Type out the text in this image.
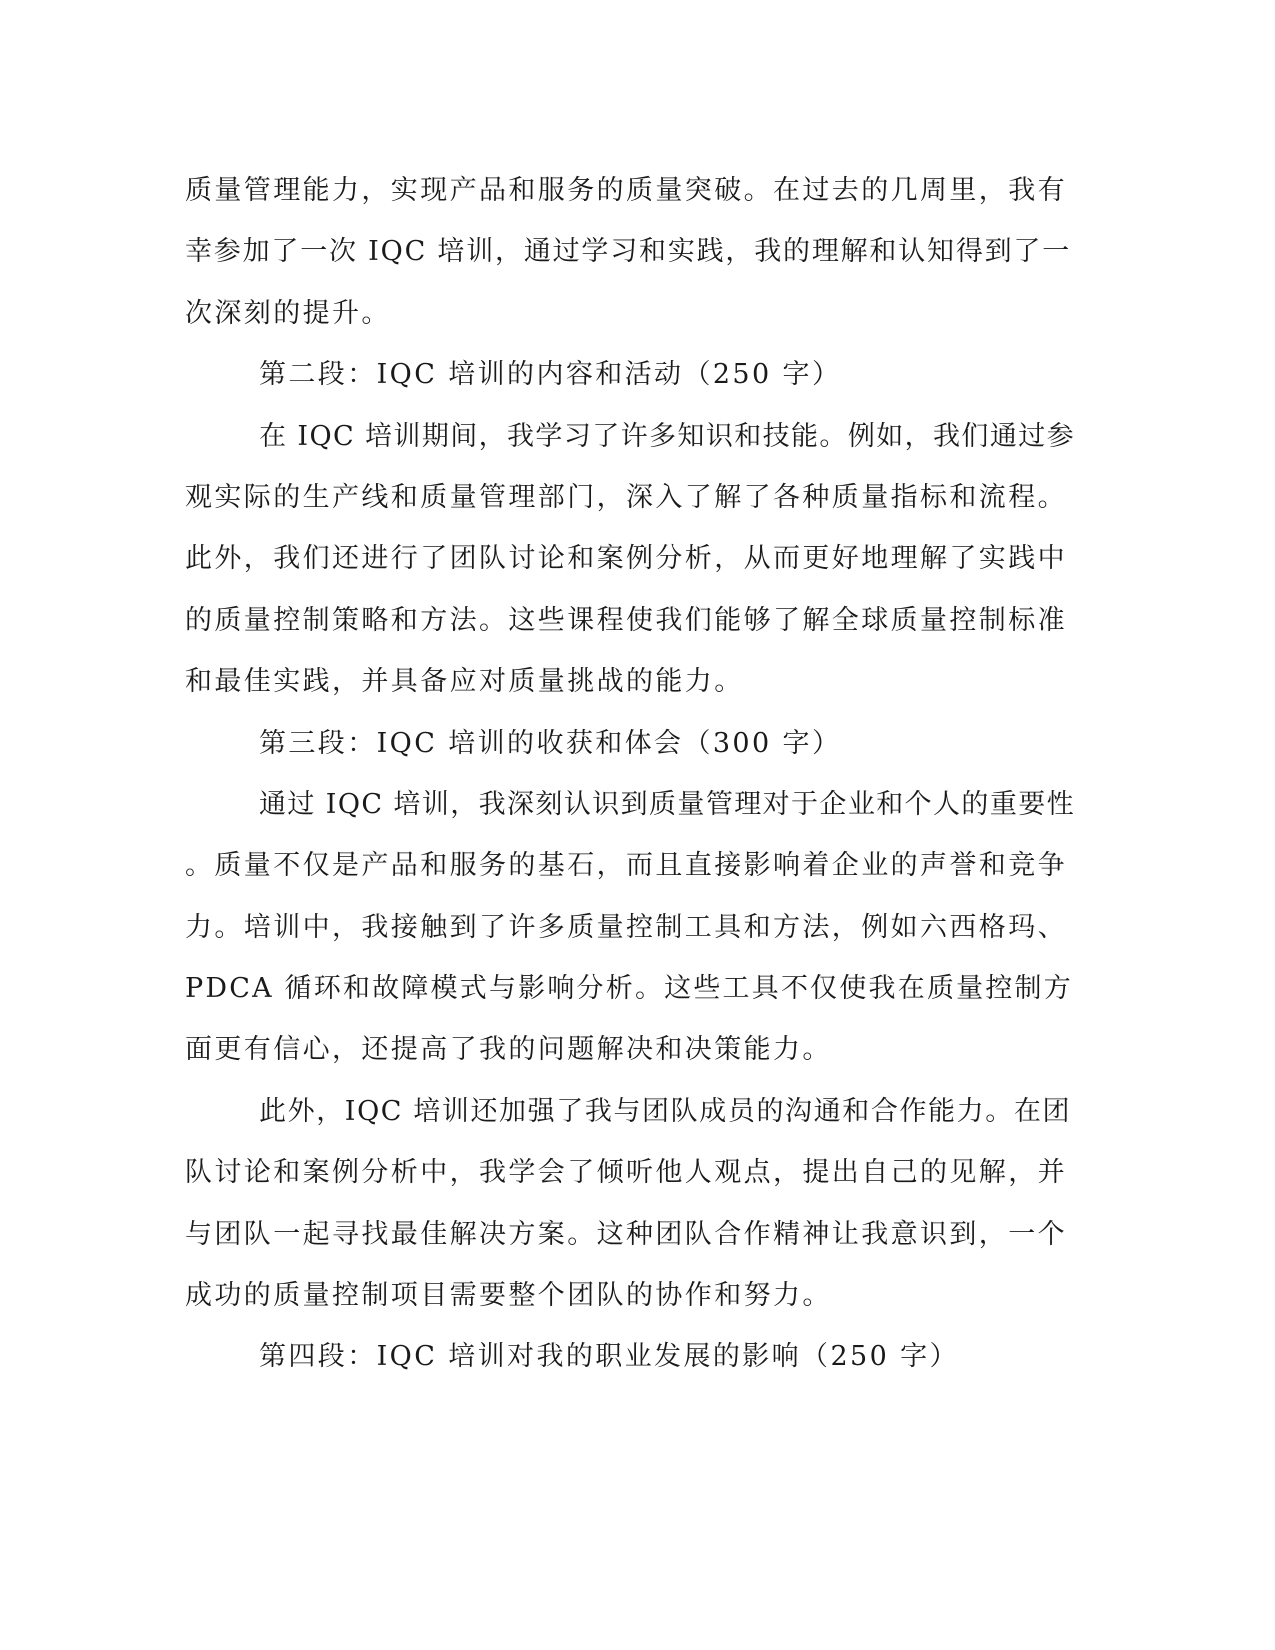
质量管理能力，实现产品和服务的质量突破。在过去的几周里，我有
幸参加了一次 IQC 培训，通过学习和实践，我的理解和认知得到了一
次深刻的提升。
第二段：IQC 培训的内容和活动（250 字）
在 IQC 培训期间，我学习了许多知识和技能。例如，我们通过参
观实际的生产线和质量管理部门，深入了解了各种质量指标和流程。
此外，我们还进行了团队讨论和案例分析，从而更好地理解了实践中
的质量控制策略和方法。这些课程使我们能够了解全球质量控制标准
和最佳实践，并具备应对质量挑战的能力。
第三段：IQC 培训的收获和体会（300 字）
通过 IQC 培训，我深刻认识到质量管理对于企业和个人的重要性
。质量不仅是产品和服务的基石，而且直接影响着企业的声誉和竞争
力。培训中，我接触到了许多质量控制工具和方法，例如六西格玛、
PDCA 循环和故障模式与影响分析。这些工具不仅使我在质量控制方
面更有信心，还提高了我的问题解决和决策能力。
此外，IQC 培训还加强了我与团队成员的沟通和合作能力。在团
队讨论和案例分析中，我学会了倾听他人观点，提出自己的见解，并
与团队一起寻找最佳解决方案。这种团队合作精神让我意识到，一个
成功的质量控制项目需要整个团队的协作和努力。
第四段：IQC 培训对我的职业发展的影响（250 字）
